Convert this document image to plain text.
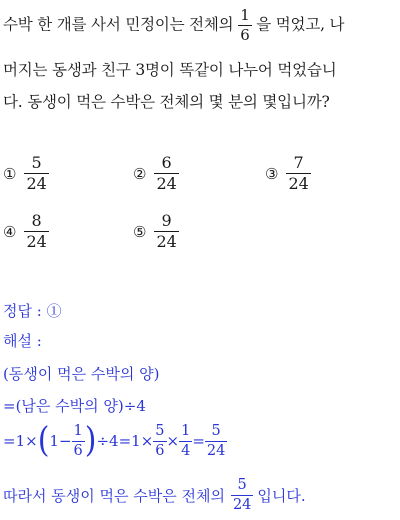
수박 한 개를 사서 민정이는 전체의 $\frac{1}{6}$ 을 먹었고, 나
머지는 동생과 친구 3명이 똑같이 나누어 먹었습니
다. 동생이 먹은 수박은 전체의 몇 분의 몇입니까?
① $\frac{5}{24}$	② $\frac{6}{24}$	③ $\frac{7}{24}$
④ $\frac{8}{24}$	⑤ $\frac{9}{24}$
정답 : ①
해설 :
(동생이 먹은 수박의 양)
=(남은 수박의 양)÷4
=1× ( $1- \frac{1}{6}$ ) $\div 4=1\times \frac{5}{6} \times \frac{1}{4} = \frac{5}{24}$
따라서 동생이 먹은 수박은 전체의 $\frac{5}{24}$ 입니다.
